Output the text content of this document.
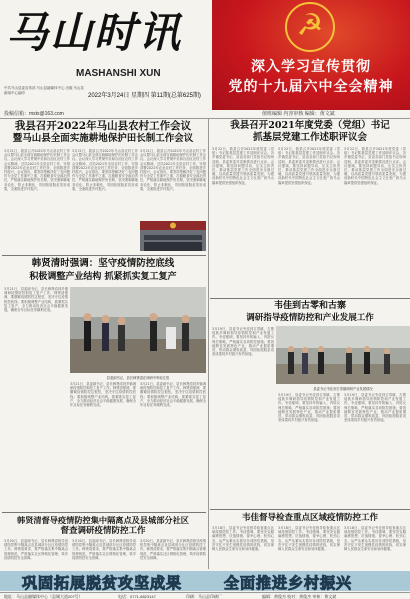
马山时讯
MASHAN SHI XUN
中共马山县委宣传部 马山县融媒体中心 出版 马山县新闻中心编印	2022年3月24日 星期四 第11期(总第625期)
☭
深入学习宣传贯彻
党的十九届六中全会精神
投稿信箱：mstx@163.com	值班编辑 内容审核 编辑：黄文斌
我县召开2022年马山县农村工作会议
暨马山县全面实施耕地保护田长制工作会议
3月21日，我县召开2022年马山县农村工作会议暨马山县全面实施耕地保护田长制工作会议。会议深入学习贯彻中央和自治区农村工作会议精神，总结2021年全县农村工作，安排部署2022年农业农村工作任务，全面推进乡村振兴。会议指出，要坚持把解决好三农问题作为全党工作重中之重，扛稳粮食安全政治责任，严格落实耕地保护田长制，坚决遏制耕地非农化、防止非粮化，巩固拓展脱贫攻坚成果，全面推进乡村振兴。
3月21日，我县召开2022年马山县农村工作会议暨马山县全面实施耕地保护田长制工作会议。会议深入学习贯彻中央和自治区农村工作会议精神，总结2021年全县农村工作，安排部署2022年农业农村工作任务，全面推进乡村振兴。会议指出，要坚持把解决好三农问题作为全党工作重中之重，扛稳粮食安全政治责任，严格落实耕地保护田长制，坚决遏制耕地非农化、防止非粮化，巩固拓展脱贫攻坚成果，全面推进乡村振兴。
3月21日，我县召开2022年马山县农村工作会议暨马山县全面实施耕地保护田长制工作会议。会议深入学习贯彻中央和自治区农村工作会议精神，总结2021年全县农村工作，安排部署2022年农业农村工作任务，全面推进乡村振兴。会议指出，要坚持把解决好三农问题作为全党工作重中之重，扛稳粮食安全政治责任，严格落实耕地保护田长制，坚决遏制耕地非农化、防止非粮化，巩固拓展脱贫攻坚成果，全面推进乡村振兴。
我县召开2021年度党委（党组）书记
抓基层党建工作述职评议会
3月22日，我县召开2021年度党委（党组）书记抓基层党建工作述职评议会。各乡镇党委书记、县直各部门党组书记现场述职，县委常委对述职情况进行点评。会议强调，要坚持问题导向，压实主体责任，推动基层党建工作全面进步全面过硬，以高质量党建引领高质量发展，为建设新时代中国特色社会主义壮美广西马山篇章提供坚强组织保证。
3月22日，我县召开2021年度党委（党组）书记抓基层党建工作述职评议会。各乡镇党委书记、县直各部门党组书记现场述职，县委常委对述职情况进行点评。会议强调，要坚持问题导向，压实主体责任，推动基层党建工作全面进步全面过硬，以高质量党建引领高质量发展，为建设新时代中国特色社会主义壮美广西马山篇章提供坚强组织保证。
3月22日，我县召开2021年度党委（党组）书记抓基层党建工作述职评议会。各乡镇党委书记、县直各部门党组书记现场述职，县委常委对述职情况进行点评。会议强调，要坚持问题导向，压实主体责任，推动基层党建工作全面进步全面过硬，以高质量党建引领高质量发展，为建设新时代中国特色社会主义壮美广西马山篇章提供坚强组织保证。
韩贤清时强调：坚守疫情防控底线
积极调整产业结构 抓紧抓实复工复产
3月21日，县委副书记、县长韩贤清到乡镇调研疫情防控和复工复产工作。韩贤清强调，要绷紧疫情防控这根弦，坚决守住疫情防控底线；要积极调整产业结构，抓紧抓实复工复产，全力推动经济社会平稳健康发展，确保全年目标任务顺利完成。
县委副书记、县长韩贤清在调研中听取汇报
3月21日，县委副书记、县长韩贤清到乡镇调研疫情防控和复工复产工作。韩贤清强调，要绷紧疫情防控这根弦，坚决守住疫情防控底线；要积极调整产业结构，抓紧抓实复工复产，全力推动经济社会平稳健康发展，确保全年目标任务顺利完成。
3月21日，县委副书记、县长韩贤清到乡镇调研疫情防控和复工复产工作。韩贤清强调，要绷紧疫情防控这根弦，坚决守住疫情防控底线；要积极调整产业结构，抓紧抓实复工复产，全力推动经济社会平稳健康发展，确保全年目标任务顺利完成。
韦佳到古零和古寨
调研指导疫情防控和产业发展工作
3月19日，县委书记韦佳到古零镇、古寨瑶族乡调研指导疫情防控和产业发展工作。韦佳强调，要坚持外防输入、内防反弹总策略，严格落实各项防控措施；要因地制宜发展特色产业，推动产业提质增效，带动群众增收致富，巩固拓展脱贫攻坚成果同乡村振兴有效衔接。
县委书记韦佳到古零镇调研产业发展情况
3月19日，县委书记韦佳到古零镇、古寨瑶族乡调研指导疫情防控和产业发展工作。韦佳强调，要坚持外防输入、内防反弹总策略，严格落实各项防控措施；要因地制宜发展特色产业，推动产业提质增效，带动群众增收致富，巩固拓展脱贫攻坚成果同乡村振兴有效衔接。
3月19日，县委书记韦佳到古零镇、古寨瑶族乡调研指导疫情防控和产业发展工作。韦佳强调，要坚持外防输入、内防反弹总策略，严格落实各项防控措施；要因地制宜发展特色产业，推动产业提质增效，带动群众增收致富，巩固拓展脱贫攻坚成果同乡村振兴有效衔接。
韩贤清督导疫情防控集中隔离点及县城部分社区
督查调研疫情防控工作
3月20日，县委副书记、县长韩贤清督导疫情防控集中隔离点及县城部分社区疫情防控工作。韩贤清要求，要严格落实集中隔离点管理规范，严格落实社区网格化管理，筑牢疫情防控安全屏障。
3月20日，县委副书记、县长韩贤清督导疫情防控集中隔离点及县城部分社区疫情防控工作。韩贤清要求，要严格落实集中隔离点管理规范，严格落实社区网格化管理，筑牢疫情防控安全屏障。
3月20日，县委副书记、县长韩贤清督导疫情防控集中隔离点及县城部分社区疫情防控工作。韩贤清要求，要严格落实集中隔离点管理规范，严格落实社区网格化管理，筑牢疫情防控安全屏障。
韦佳督导检查重点区域疫情防控工作
3月18日，县委书记韦佳督导检查重点区域疫情防控工作。韦佳强调，要坚决克服麻痹思想、厌战情绪、侥幸心理、松劲心态，从严从紧从实抓好各项防控措施，坚决守住不发生规模性疫情的底线，切实保障人民群众生命安全和身体健康。
3月18日，县委书记韦佳督导检查重点区域疫情防控工作。韦佳强调，要坚决克服麻痹思想、厌战情绪、侥幸心理、松劲心态，从严从紧从实抓好各项防控措施，坚决守住不发生规模性疫情的底线，切实保障人民群众生命安全和身体健康。
3月18日，县委书记韦佳督导检查重点区域疫情防控工作。韦佳强调，要坚决克服麻痹思想、厌战情绪、侥幸心理、松劲心态，从严从紧从实抓好各项防控措施，坚决守住不发生规模性疫情的底线，切实保障人民群众生命安全和身体健康。
巩固拓展脱贫攻坚成果	全面推进乡村振兴
地址：马山县融媒体中心（县城大道207号）	电话：0771-6823147	印刷：马山县印刷厂	编辑：黄俊杰 校对：黄俊杰 审核：黄文斌
